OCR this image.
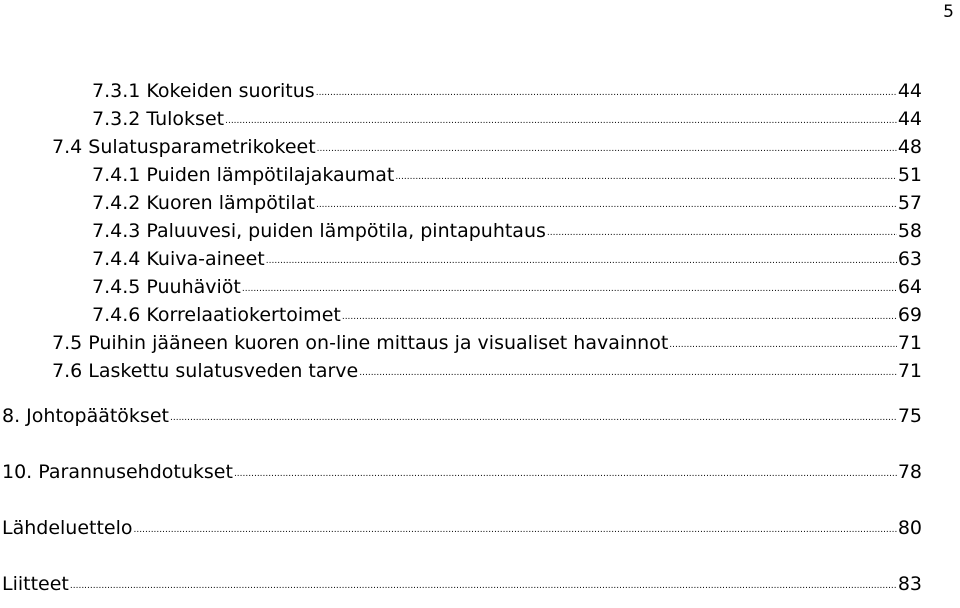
5
7.3.1 Kokeiden suoritus .....	44
7.3.2 Tulokset .....	44
7.4 Sulatusparametrikokeet .....	48
7.4.1 Puiden lämpötilajakaumat .....	51
7.4.2 Kuoren lämpötilat .....	57
7.4.3 Paluuvesi, puiden lämpötila, pintapuhtaus .....	58
7.4.4 Kuiva-aineet .....	63
7.4.5 Puuhäviöt .....	64
7.4.6 Korrelaatiokertoimet .....	69
7.5 Puihin jääneen kuoren on-line mittaus ja visualiset havainnot .....	71
7.6 Laskettu sulatusveden tarve .....	71
8. Johtopäätökset .....	75
10. Parannusehdotukset .....	78
Lähdeluettelo .....	80
Liitteet .....	83
